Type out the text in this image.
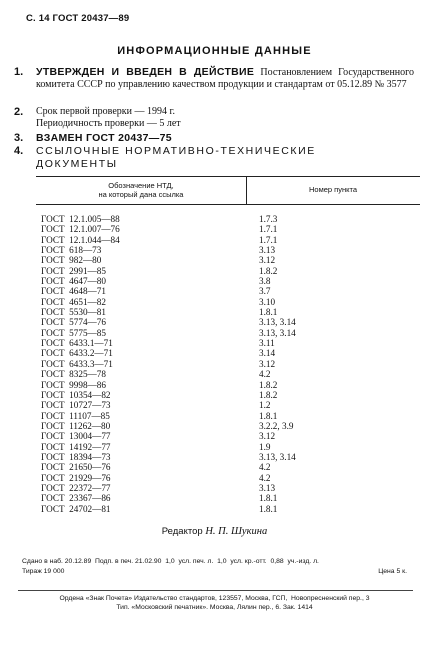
С. 14 ГОСТ 20437—89
ИНФОРМАЦИОННЫЕ ДАННЫЕ
1.	УТВЕРЖДЕН И ВВЕДЕН В ДЕЙСТВИЕ Постановлением Государственного комитета СССР по управлению качеством продукции и стандартам от 05.12.89 № 3577
2.	Срок первой проверки — 1994 г.
Периодичность проверки — 5 лет
3.	ВЗАМЕН ГОСТ 20437—75
4.	ССЫЛОЧНЫЕ НОРМАТИВНО-ТЕХНИЧЕСКИЕ ДОКУМЕНТЫ
Обозначение НТД,
на который дана ссылка
Номер пункта
ГОСТ  12.1.005—88	1.7.3
ГОСТ  12.1.007—76	1.7.1
ГОСТ  12.1.044—84	1.7.1
ГОСТ  618—73	3.13
ГОСТ  982—80	3.12
ГОСТ  2991—85	1.8.2
ГОСТ  4647—80	3.8
ГОСТ  4648—71	3.7
ГОСТ  4651—82	3.10
ГОСТ  5530—81	1.8.1
ГОСТ  5774—76	3.13, 3.14
ГОСТ  5775—85	3.13, 3.14
ГОСТ  6433.1—71	3.11
ГОСТ  6433.2—71	3.14
ГОСТ  6433.3—71	3.12
ГОСТ  8325—78	4.2
ГОСТ  9998—86	1.8.2
ГОСТ  10354—82	1.8.2
ГОСТ  10727—73	1.2
ГОСТ  11107—85	1.8.1
ГОСТ  11262—80	3.2.2, 3.9
ГОСТ  13004—77	3.12
ГОСТ  14192—77	1.9
ГОСТ  18394—73	3.13, 3.14
ГОСТ  21650—76	4.2
ГОСТ  21929—76	4.2
ГОСТ  22372—77	3.13
ГОСТ  23367—86	1.8.1
ГОСТ  24702—81	1.8.1
Редактор Н. П. Шукина
Сдано в наб. 20.12.89  Подп. в печ. 21.02.90  1,0  усл. печ. л.  1,0  усл. кр.-отт.  0,88  уч.-изд. л.
Тираж 19 000	Цена 5 к.
Ордена «Знак Почета» Издательство стандартов, 123557, Москва, ГСП,  Новопресненский пер., 3
Тип. «Московский печатник». Москва, Лялин пер., 6. Зак. 1414
